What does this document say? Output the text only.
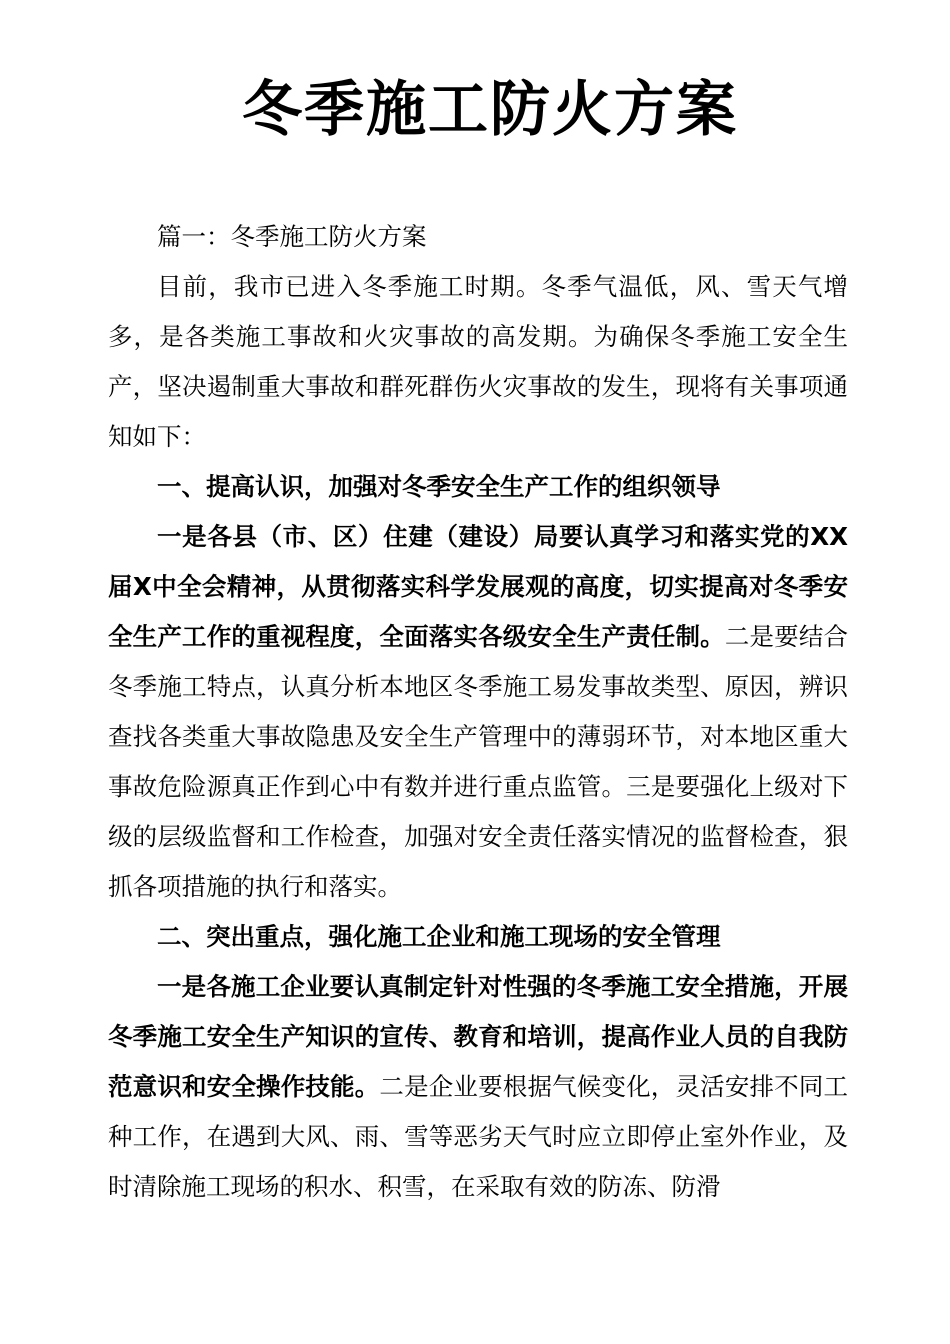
冬季施工防火方案

篇一：冬季施工防火方案

目前，我市已进入冬季施工时期。冬季气温低，风、雪天气增多，是各类施工事故和火灾事故的高发期。为确保冬季施工安全生产，坚决遏制重大事故和群死群伤火灾事故的发生，现将有关事项通知如下：

一、提高认识，加强对冬季安全生产工作的组织领导

一是各县（市、区）住建（建设）局要认真学习和落实党的XX届X中全会精神，从贯彻落实科学发展观的高度，切实提高对冬季安全生产工作的重视程度，全面落实各级安全生产责任制。二是要结合冬季施工特点，认真分析本地区冬季施工易发事故类型、原因，辨识查找各类重大事故隐患及安全生产管理中的薄弱环节，对本地区重大事故危险源真正作到心中有数并进行重点监管。三是要强化上级对下级的层级监督和工作检查，加强对安全责任落实情况的监督检查，狠抓各项措施的执行和落实。

二、突出重点，强化施工企业和施工现场的安全管理

一是各施工企业要认真制定针对性强的冬季施工安全措施，开展冬季施工安全生产知识的宣传、教育和培训，提高作业人员的自我防范意识和安全操作技能。二是企业要根据气候变化，灵活安排不同工种工作，在遇到大风、雨、雪等恶劣天气时应立即停止室外作业，及时清除施工现场的积水、积雪，在采取有效的防冻、防滑
